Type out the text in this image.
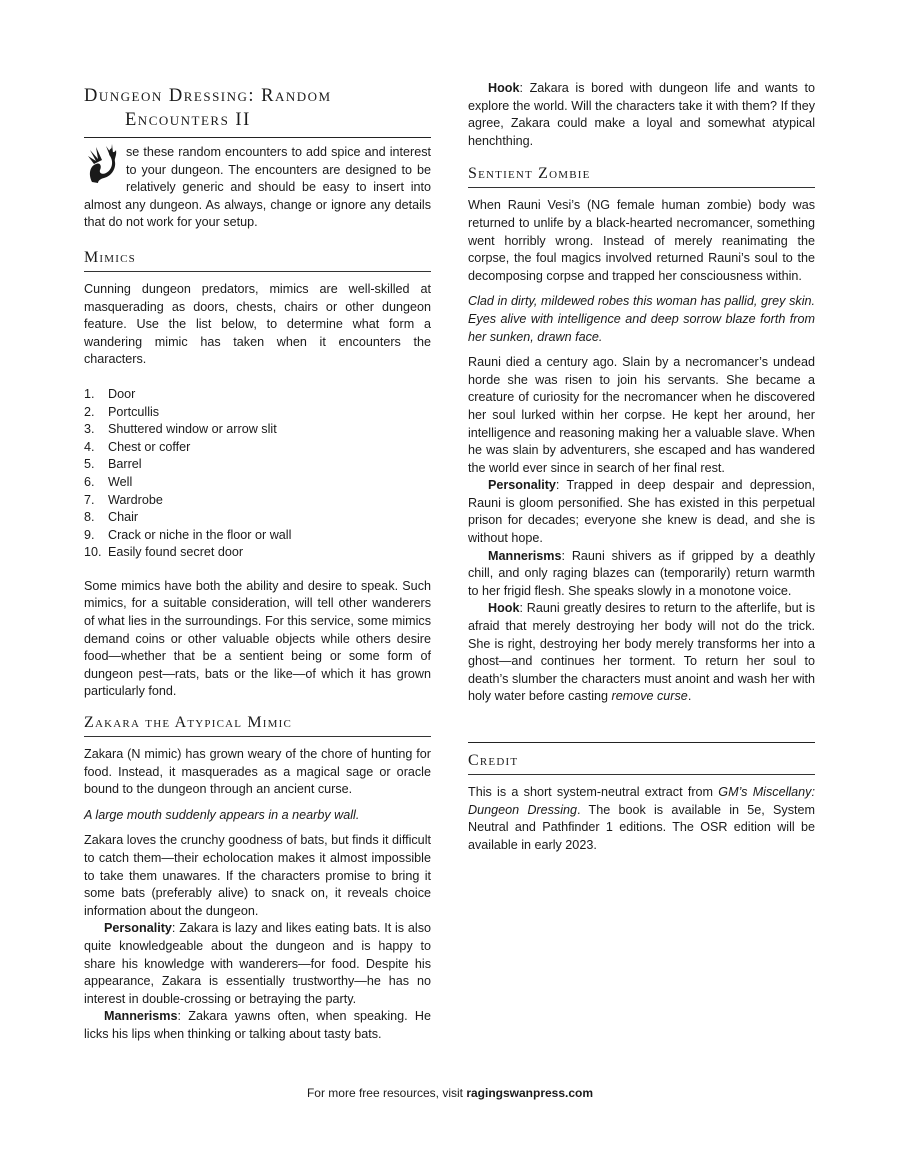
Dungeon Dressing: Random
Encounters II

se these random encounters to add spice and interest to your dungeon. The encounters are designed to be relatively generic and should be easy to insert into almost any dungeon. As always, change or ignore any details that do not work for your setup.

Mimics

Cunning dungeon predators, mimics are well-skilled at masquerading as doors, chests, chairs or other dungeon feature. Use the list below, to determine what form a wandering mimic has taken when it encounters the characters.

1. Door
2. Portcullis
3. Shuttered window or arrow slit
4. Chest or coffer
5. Barrel
6. Well
7. Wardrobe
8. Chair
9. Crack or niche in the floor or wall
10. Easily found secret door

Some mimics have both the ability and desire to speak. Such mimics, for a suitable consideration, will tell other wanderers of what lies in the surroundings. For this service, some mimics demand coins or other valuable objects while others desire food—whether that be a sentient being or some form of dungeon pest—rats, bats or the like—of which it has grown particularly fond.

Zakara the Atypical Mimic

Zakara (N mimic) has grown weary of the chore of hunting for food. Instead, it masquerades as a magical sage or oracle bound to the dungeon through an ancient curse.

A large mouth suddenly appears in a nearby wall.

Zakara loves the crunchy goodness of bats, but finds it difficult to catch them—their echolocation makes it almost impossible to take them unawares. If the characters promise to bring it some bats (preferably alive) to snack on, it reveals choice information about the dungeon.

Personality: Zakara is lazy and likes eating bats. It is also quite knowledgeable about the dungeon and is happy to share his knowledge with wanderers—for food. Despite his appearance, Zakara is essentially trustworthy—he has no interest in double-crossing or betraying the party.

Mannerisms: Zakara yawns often, when speaking. He licks his lips when thinking or talking about tasty bats.

Hook: Zakara is bored with dungeon life and wants to explore the world. Will the characters take it with them? If they agree, Zakara could make a loyal and somewhat atypical henchthing.

Sentient Zombie

When Rauni Vesi’s (NG female human zombie) body was returned to unlife by a black-hearted necromancer, something went horribly wrong. Instead of merely reanimating the corpse, the foul magics involved returned Rauni’s soul to the decomposing corpse and trapped her consciousness within.

Clad in dirty, mildewed robes this woman has pallid, grey skin. Eyes alive with intelligence and deep sorrow blaze forth from her sunken, drawn face.

Rauni died a century ago. Slain by a necromancer’s undead horde she was risen to join his servants. She became a creature of curiosity for the necromancer when he discovered her soul lurked within her corpse. He kept her around, her intelligence and reasoning making her a valuable slave. When he was slain by adventurers, she escaped and has wandered the world ever since in search of her final rest.

Personality: Trapped in deep despair and depression, Rauni is gloom personified. She has existed in this perpetual prison for decades; everyone she knew is dead, and she is without hope.

Mannerisms: Rauni shivers as if gripped by a deathly chill, and only raging blazes can (temporarily) return warmth to her frigid flesh. She speaks slowly in a monotone voice.

Hook: Rauni greatly desires to return to the afterlife, but is afraid that merely destroying her body will not do the trick. She is right, destroying her body merely transforms her into a ghost—and continues her torment. To return her soul to death’s slumber the characters must anoint and wash her with holy water before casting remove curse.

Credit

This is a short system-neutral extract from GM’s Miscellany: Dungeon Dressing. The book is available in 5e, System Neutral and Pathfinder 1 editions. The OSR edition will be available in early 2023.

For more free resources, visit ragingswanpress.com
